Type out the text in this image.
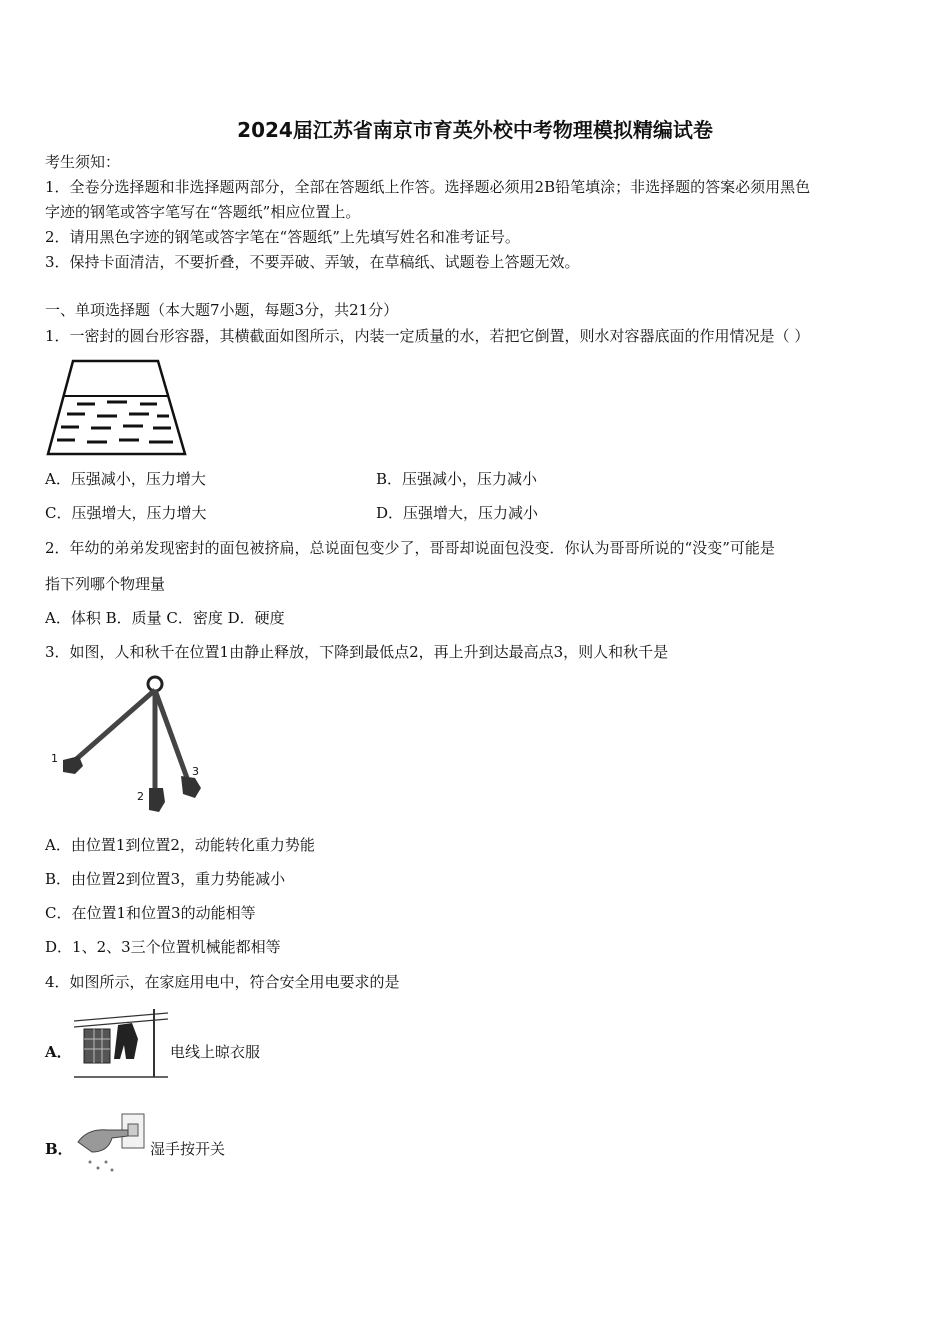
2024届江苏省南京市育英外校中考物理模拟精编试卷
考生须知：
1．全卷分选择题和非选择题两部分，全部在答题纸上作答。选择题必须用2B铅笔填涂；非选择题的答案必须用黑色
字迹的钢笔或答字笔写在“答题纸”相应位置上。
2．请用黑色字迹的钢笔或答字笔在“答题纸”上先填写姓名和准考证号。
3．保持卡面清洁，不要折叠，不要弄破、弄皱，在草稿纸、试题卷上答题无效。
一、单项选择题（本大题7小题，每题3分，共21分）
1．一密封的圆台形容器，其横截面如图所示，内装一定质量的水，若把它倒置，则水对容器底面的作用情况是（ ）
A．压强减小，压力增大	B．压强减小，压力减小
C．压强增大，压力增大	D．压强增大，压力减小
2．年幼的弟弟发现密封的面包被挤扁，总说面包变少了，哥哥却说面包没变．你认为哥哥所说的“没变”可能是
指下列哪个物理量
A．体积 B．质量 C．密度 D．硬度
3．如图，人和秋千在位置1由静止释放，下降到最低点2，再上升到达最高点3，则人和秋千是
1
2
3
A．由位置1到位置2，动能转化重力势能
B．由位置2到位置3，重力势能减小
C．在位置1和位置3的动能相等
D．1、2、3三个位置机械能都相等
4．如图所示，在家庭用电中，符合安全用电要求的是
A．	电线上晾衣服
B．	湿手按开关
